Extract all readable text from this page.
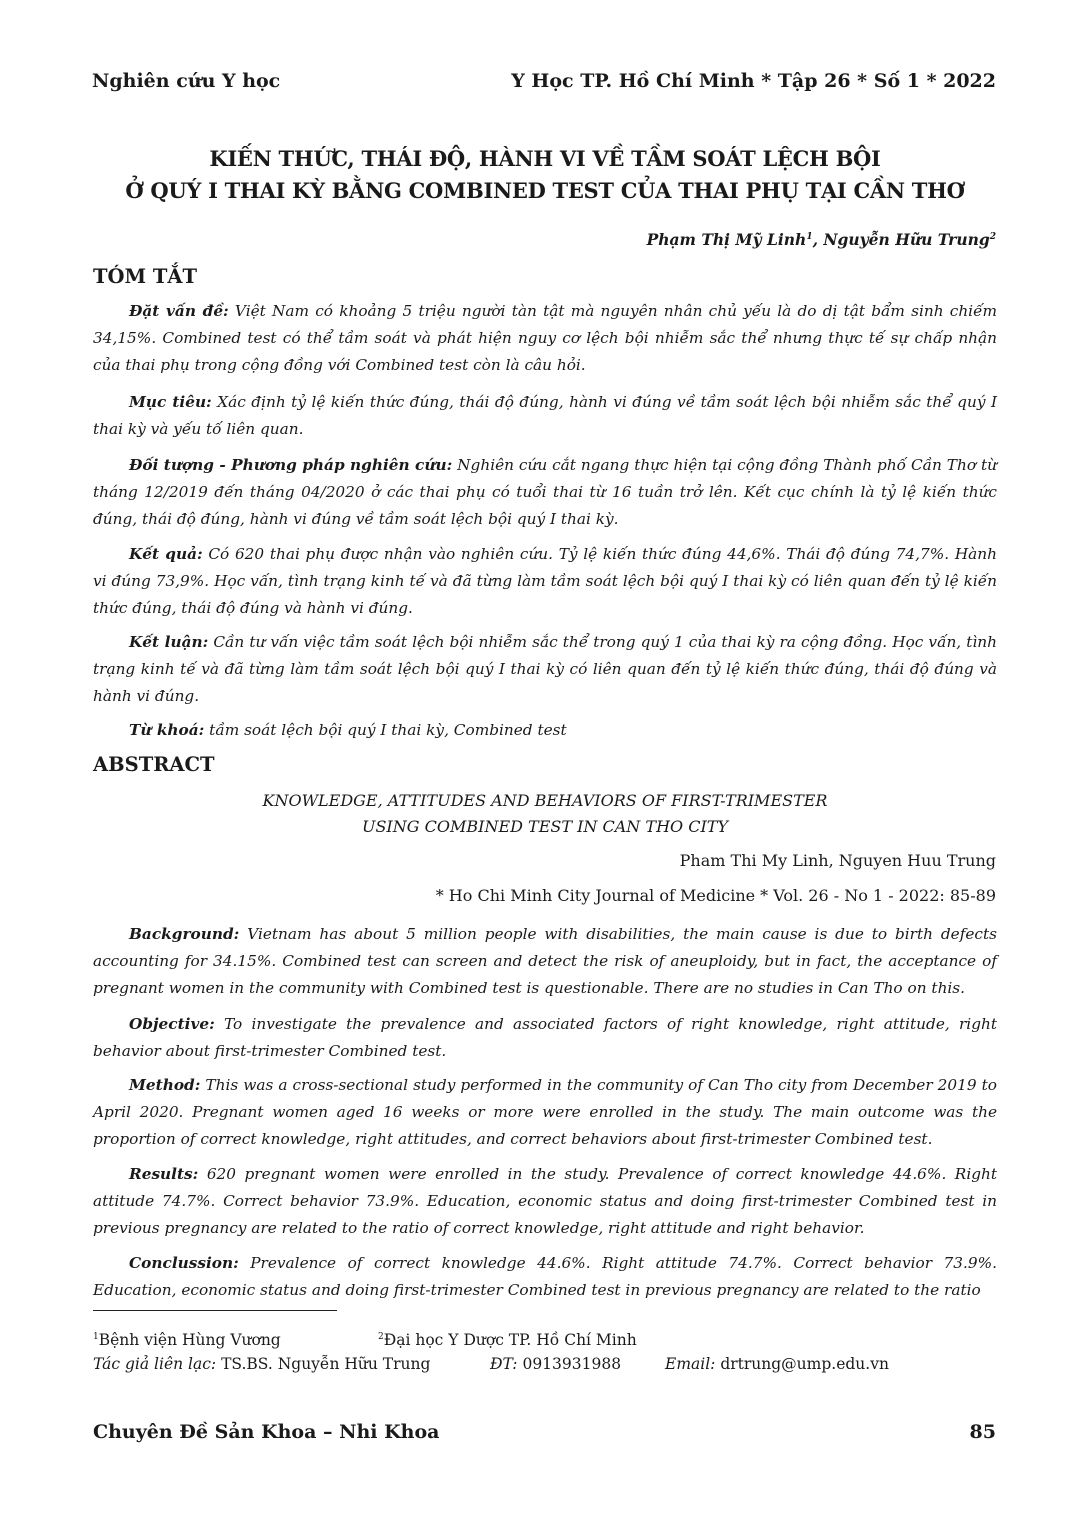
Nghiên cứu Y học	Y Học TP. Hồ Chí Minh * Tập 26 * Số 1 * 2022
KIẾN THỨC, THÁI ĐỘ, HÀNH VI VỀ TẦM SOÁT LỆCH BỘI
Ở QUÝ I THAI KỲ BẰNG COMBINED TEST CỦA THAI PHỤ TẠI CẦN THƠ
Phạm Thị Mỹ Linh$^1$, Nguyễn Hữu Trung$^2$
TÓM TẮT
Đặt vấn đề: Việt Nam có khoảng 5 triệu người tàn tật mà nguyên nhân chủ yếu là do dị tật bẩm sinh chiếm 34,15%. Combined test có thể tầm soát và phát hiện nguy cơ lệch bội nhiễm sắc thể nhưng thực tế sự chấp nhận của thai phụ trong cộng đồng với Combined test còn là câu hỏi.
Mục tiêu: Xác định tỷ lệ kiến thức đúng, thái độ đúng, hành vi đúng về tầm soát lệch bội nhiễm sắc thể quý I thai kỳ và yếu tố liên quan.
Đối tượng - Phương pháp nghiên cứu: Nghiên cứu cắt ngang thực hiện tại cộng đồng Thành phố Cần Thơ từ tháng 12/2019 đến tháng 04/2020 ở các thai phụ có tuổi thai từ 16 tuần trở lên. Kết cục chính là tỷ lệ kiến thức đúng, thái độ đúng, hành vi đúng về tầm soát lệch bội quý I thai kỳ.
Kết quả: Có 620 thai phụ được nhận vào nghiên cứu. Tỷ lệ kiến thức đúng 44,6%. Thái độ đúng 74,7%. Hành vi đúng 73,9%. Học vấn, tình trạng kinh tế và đã từng làm tầm soát lệch bội quý I thai kỳ có liên quan đến tỷ lệ kiến thức đúng, thái độ đúng và hành vi đúng.
Kết luận: Cần tư vấn việc tầm soát lệch bội nhiễm sắc thể trong quý 1 của thai kỳ ra cộng đồng. Học vấn, tình trạng kinh tế và đã từng làm tầm soát lệch bội quý I thai kỳ có liên quan đến tỷ lệ kiến thức đúng, thái độ đúng và hành vi đúng.
Từ khoá: tầm soát lệch bội quý I thai kỳ, Combined test
ABSTRACT
KNOWLEDGE, ATTITUDES AND BEHAVIORS OF FIRST-TRIMESTER
USING COMBINED TEST IN CAN THO CITY
Pham Thi My Linh, Nguyen Huu Trung
* Ho Chi Minh City Journal of Medicine * Vol. 26 - No 1 - 2022: 85-89
Background: Vietnam has about 5 million people with disabilities, the main cause is due to birth defects accounting for 34.15%. Combined test can screen and detect the risk of aneuploidy, but in fact, the acceptance of pregnant women in the community with Combined test is questionable. There are no studies in Can Tho on this.
Objective: To investigate the prevalence and associated factors of right knowledge, right attitude, right behavior about first-trimester Combined test.
Method: This was a cross-sectional study performed in the community of Can Tho city from December 2019 to April 2020. Pregnant women aged 16 weeks or more were enrolled in the study. The main outcome was the proportion of correct knowledge, right attitudes, and correct behaviors about first-trimester Combined test.
Results: 620 pregnant women were enrolled in the study. Prevalence of correct knowledge 44.6%. Right attitude 74.7%. Correct behavior 73.9%. Education, economic status and doing first-trimester Combined test in previous pregnancy are related to the ratio of correct knowledge, right attitude and right behavior.
Conclussion: Prevalence of correct knowledge 44.6%. Right attitude 74.7%. Correct behavior 73.9%. Education, economic status and doing first-trimester Combined test in previous pregnancy are related to the ratio
$^1$Bệnh viện Hùng Vương	$^2$Đại học Y Dược TP. Hồ Chí Minh
Tác giả liên lạc: TS.BS. Nguyễn Hữu Trung	ĐT: 0913931988	Email: drtrung@ump.edu.vn
Chuyên Đề Sản Khoa – Nhi Khoa	85
